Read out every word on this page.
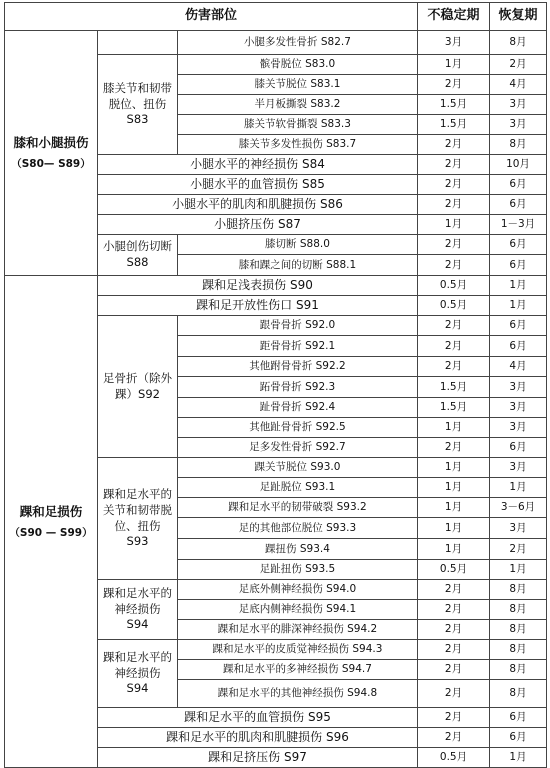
伤害部位			不稳定期	恢复期
膝和小腿损伤
（S80— S89）		小腿多发性骨折 S82.7	3月	8月
	膝关节和韧带脱位、扭伤 S83	髌骨脱位 S83.0	1月	2月
		膝关节脱位 S83.1	2月	4月
		半月板撕裂 S83.2	1.5月	3月
		膝关节软骨撕裂 S83.3	1.5月	3月
		膝关节多发性损伤 S83.7	2月	8月
	小腿水平的神经损伤 S84		2月	10月
	小腿水平的血管损伤 S85		2月	6月
	小腿水平的肌肉和肌腱损伤 S86		2月	6月
	小腿挤压伤 S87		1月	1－3月
	小腿创伤切断 S88	膝切断 S88.0	2月	6月
		膝和踝之间的切断 S88.1	2月	6月
踝和足损伤
（S90 — S99）	踝和足浅表损伤 S90		0.5月	1月
	踝和足开放性伤口 S91		0.5月	1月
	足骨折（除外踝）S92	跟骨骨折 S92.0	2月	6月
		距骨骨折 S92.1	2月	6月
		其他跗骨骨折 S92.2	2月	4月
		跖骨骨折 S92.3	1.5月	3月
		趾骨骨折 S92.4	1.5月	3月
		其他趾骨骨折 S92.5	1月	3月
		足多发性骨折 S92.7	2月	6月
	踝和足水平的关节和韧带脱位、扭伤 S93	踝关节脱位 S93.0	1月	3月
		足趾脱位 S93.1	1月	1月
		踝和足水平的韧带破裂 S93.2	1月	3－6月
		足的其他部位脱位 S93.3	1月	3月
		踝扭伤 S93.4	1月	2月
		足趾扭伤 S93.5	0.5月	1月
	踝和足水平的神经损伤 S94	足底外侧神经损伤 S94.0	2月	8月
		足底内侧神经损伤 S94.1	2月	8月
		踝和足水平的腓深神经损伤 S94.2	2月	8月
	踝和足水平的神经损伤 S94	踝和足水平的皮质觉神经损伤 S94.3	2月	8月
		踝和足水平的多神经损伤 S94.7	2月	8月
		踝和足水平的其他神经损伤 S94.8	2月	8月
	踝和足水平的血管损伤 S95		2月	6月
	踝和足水平的肌肉和肌腱损伤 S96		2月	6月
	踝和足挤压伤 S97		0.5月	1月
